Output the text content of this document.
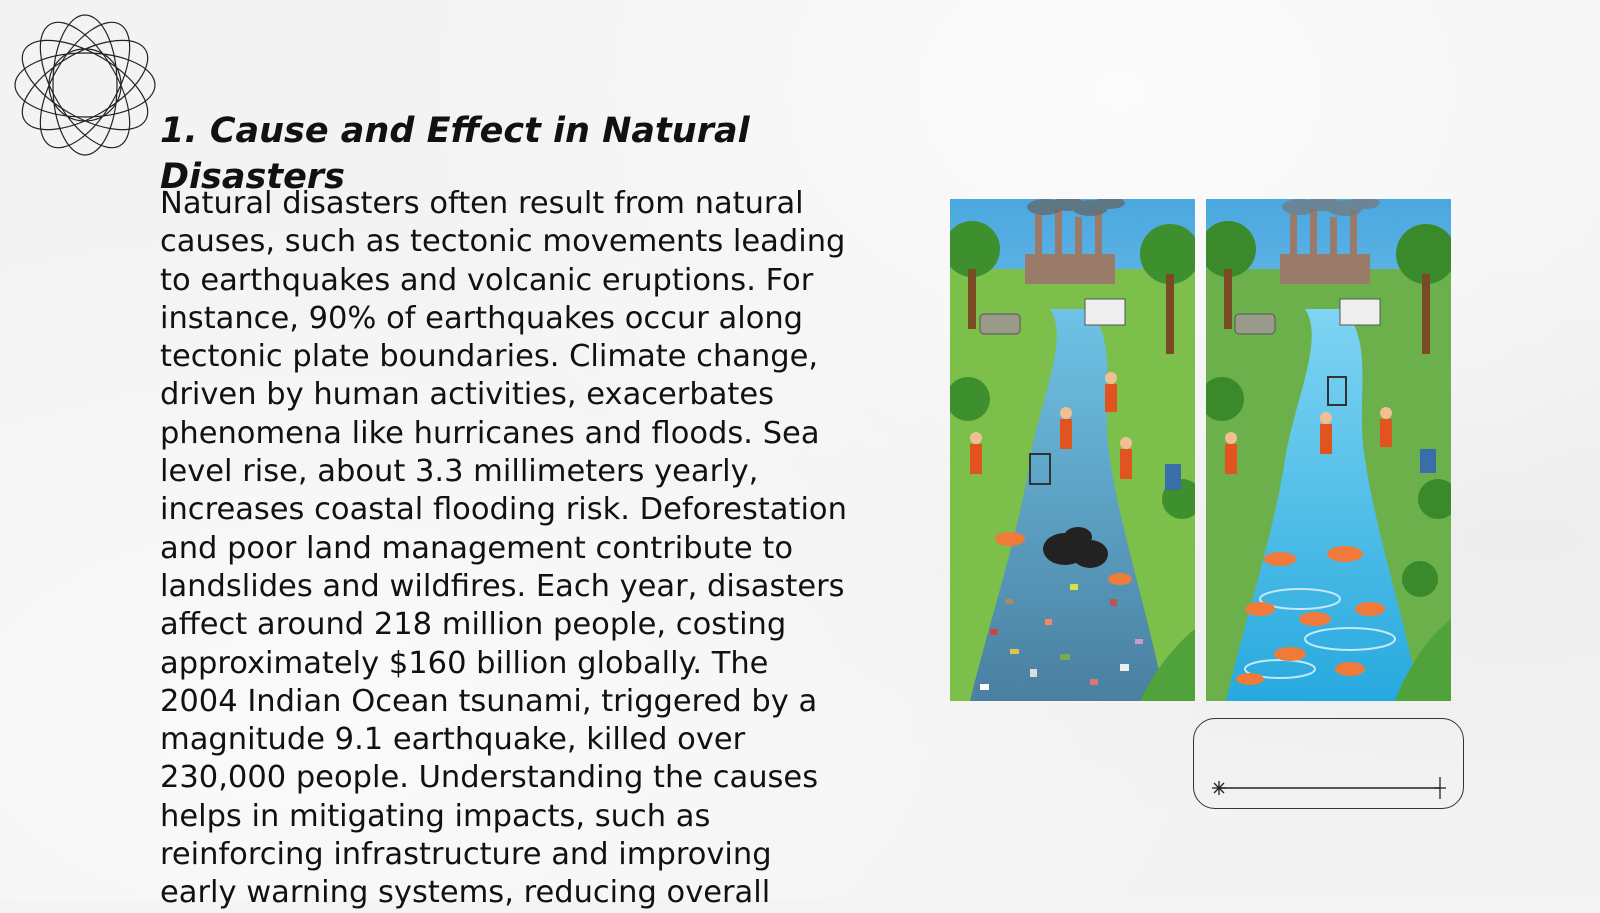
1. Cause and Effect in Natural Disasters

Natural disasters often result from natural causes, such as tectonic movements leading to earthquakes and volcanic eruptions. For instance, 90% of earthquakes occur along tectonic plate boundaries. Climate change, driven by human activities, exacerbates phenomena like hurricanes and floods. Sea level rise, about 3.3 millimeters yearly, increases coastal flooding risk. Deforestation and poor land management contribute to landslides and wildfires. Each year, disasters affect around 218 million people, costing approximately $160 billion globally. The 2004 Indian Ocean tsunami, triggered by a magnitude 9.1 earthquake, killed over 230,000 people. Understanding the causes helps in mitigating impacts, such as reinforcing infrastructure and improving early warning systems, reducing overall
